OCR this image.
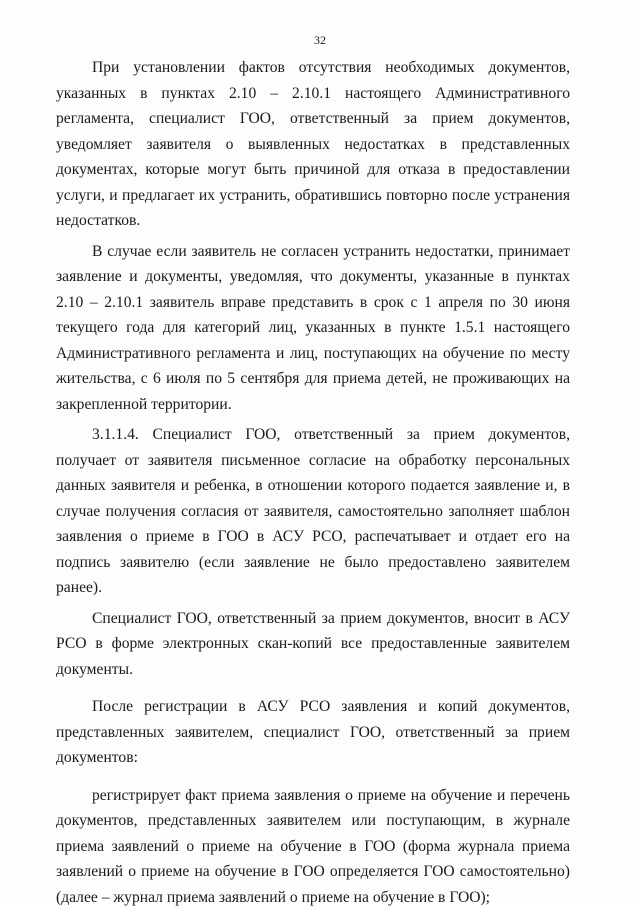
32

При установлении фактов отсутствия необходимых документов, указанных в пунктах 2.10 – 2.10.1 настоящего Административного регламента, специалист ГОО, ответственный за прием документов, уведомляет заявителя о выявленных недостатках в представленных документах, которые могут быть причиной для отказа в предоставлении услуги, и предлагает их устранить, обратившись повторно после устранения недостатков.

В случае если заявитель не согласен устранить недостатки, принимает заявление и документы, уведомляя, что документы, указанные в пунктах 2.10 – 2.10.1 заявитель вправе представить в срок с 1 апреля по 30 июня текущего года для категорий лиц, указанных в пункте 1.5.1 настоящего Административного регламента и лиц, поступающих на обучение по месту жительства, с 6 июля по 5 сентября для приема детей, не проживающих на закрепленной территории.

3.1.1.4. Специалист ГОО, ответственный за прием документов, получает от заявителя письменное согласие на обработку персональных данных заявителя и ребенка, в отношении которого подается заявление и, в случае получения согласия от заявителя, самостоятельно заполняет шаблон заявления о приеме в ГОО в АСУ РСО, распечатывает и отдает его на подпись заявителю (если заявление не было предоставлено заявителем ранее).

Специалист ГОО, ответственный за прием документов, вносит в АСУ РСО в форме электронных скан-копий все предоставленные заявителем документы.

После регистрации в АСУ РСО заявления и копий документов, представленных заявителем, специалист ГОО, ответственный за прием документов:

регистрирует факт приема заявления о приеме на обучение и перечень документов, представленных заявителем или поступающим, в журнале приема заявлений о приеме на обучение в ГОО (форма журнала приема заявлений о приеме на обучение в ГОО определяется ГОО самостоятельно) (далее – журнал приема заявлений о приеме на обучение в ГОО);
